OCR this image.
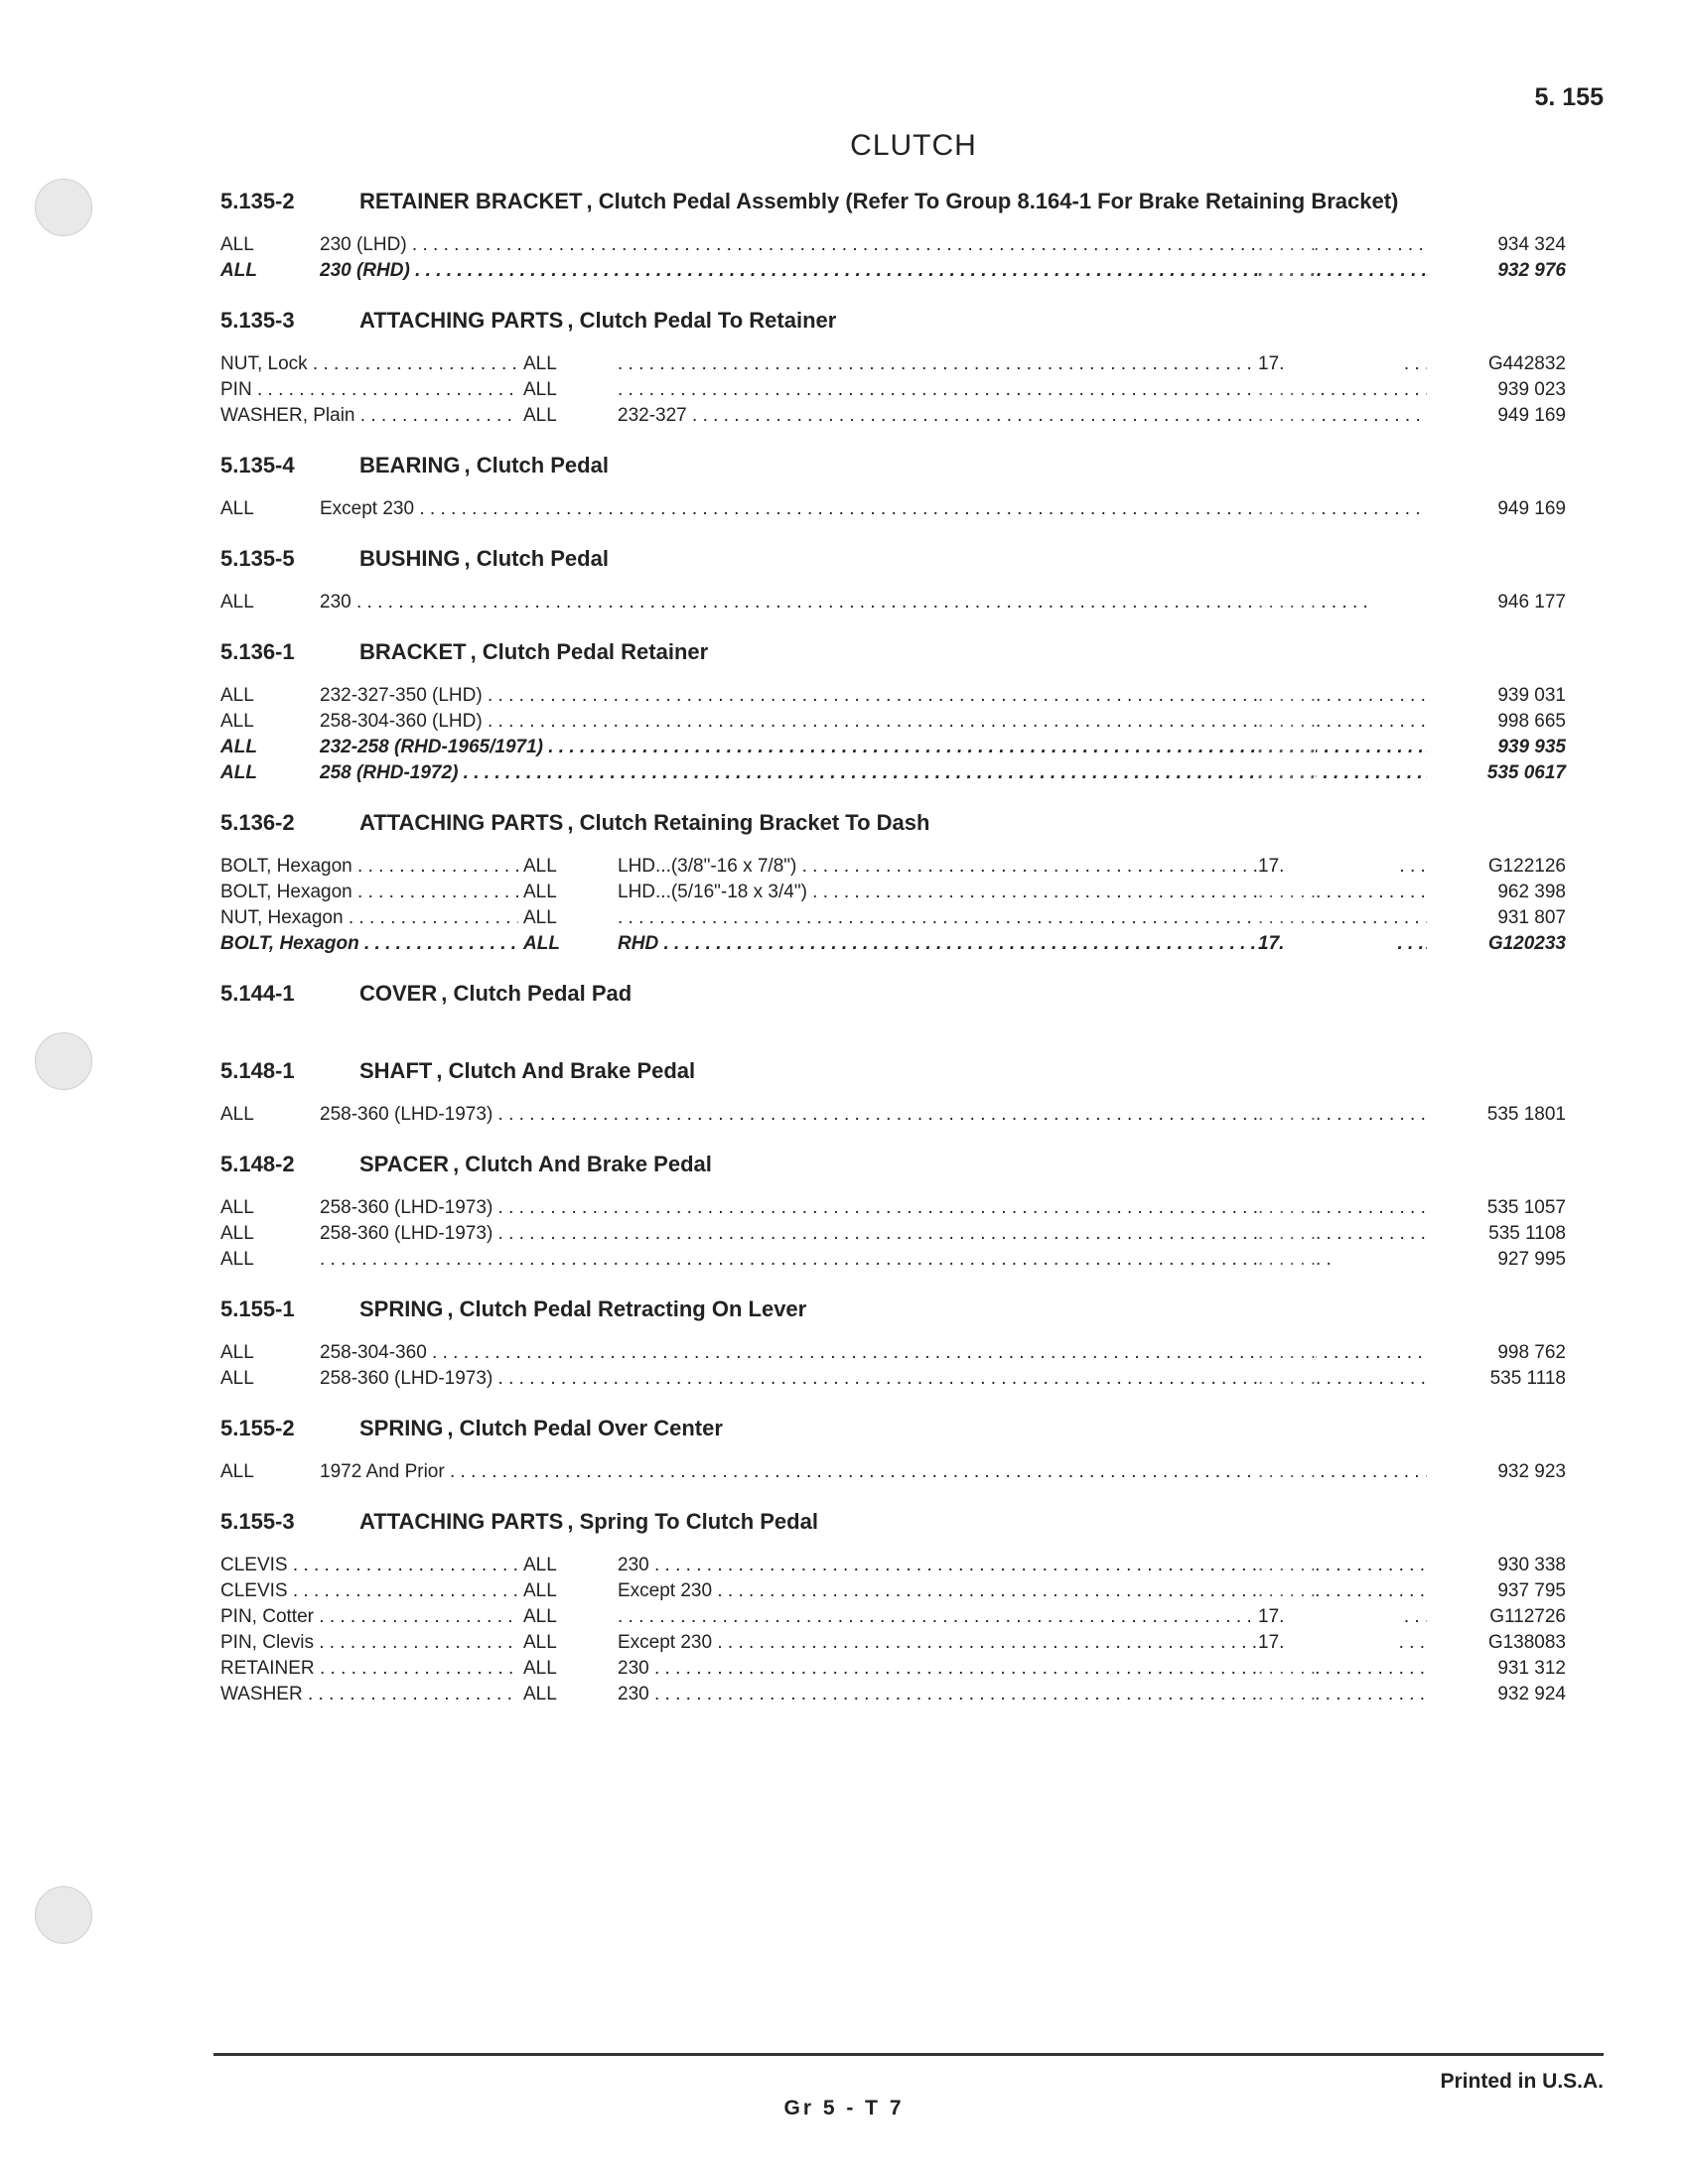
5. 155
CLUTCH
5.135-2	RETAINER BRACKET , Clutch Pedal Assembly (Refer To Group 8.164-1 For Brake Retaining Bracket)
ALL	230 (LHD) . . .	. . . . . .	934 324
ALL	230 (RHD) . . .	. . . . . .	932 976
5.135-3	ATTACHING PARTS , Clutch Pedal To Retainer
NUT, Lock . . .	ALL . . .	17.	G442832
PIN . . .	ALL . . .	. . . . . .	939 023
WASHER, Plain . . .	ALL	232-327 . . .	. . . . . .	949 169
5.135-4	BEARING , Clutch Pedal
ALL	Except 230 . . .	. . . . . .	949 169
5.135-5	BUSHING , Clutch Pedal
ALL	230 . . .	. . . . . .	946 177
5.136-1	BRACKET , Clutch Pedal Retainer
ALL	232-327-350 (LHD) . . .	. . . . . .	939 031
ALL	258-304-360 (LHD) . . .	. . . . . .	998 665
ALL	232-258 (RHD-1965/1971) . . .	. . . . . .	939 935
ALL	258 (RHD-1972) . . .	. . . . . .	535 0617
5.136-2	ATTACHING PARTS , Clutch Retaining Bracket To Dash
BOLT, Hexagon . . .	ALL	LHD...(3/8"-16 x 7/8") . . .	17.	G122126
BOLT, Hexagon . . .	ALL	LHD...(5/16"-18 x 3/4") . . .	. . . . . .	962 398
NUT, Hexagon . . .	ALL . . .	. . . . . .	931 807
BOLT, Hexagon . . .	ALL	RHD . . .	17.	G120233
5.144-1	COVER , Clutch Pedal Pad
5.148-1	SHAFT , Clutch And Brake Pedal
ALL	258-360 (LHD-1973) . . .	. . . . . .	535 1801
5.148-2	SPACER , Clutch And Brake Pedal
ALL	258-360 (LHD-1973) . . .	. . . . . .	535 1057
ALL	258-360 (LHD-1973) . . .	. . . . . .	535 1108
ALL . . .	. . . . . .	927 995
5.155-1	SPRING , Clutch Pedal Retracting On Lever
ALL	258-304-360 . . .	. . . . . .	998 762
ALL	258-360 (LHD-1973) . . .	. . . . . .	535 1118
5.155-2	SPRING , Clutch Pedal Over Center
ALL	1972 And Prior . . .	. . . . . .	932 923
5.155-3	ATTACHING PARTS , Spring To Clutch Pedal
CLEVIS . . .	ALL	230 . . .	. . . . . .	930 338
CLEVIS . . .	ALL	Except 230 . . .	. . . . . .	937 795
PIN, Cotter . . .	ALL . . .	17.	G112726
PIN, Clevis . . .	ALL	Except 230 . . .	17.	G138083
RETAINER . . .	ALL	230 . . .	. . . . . .	931 312
WASHER . . .	ALL	230 . . .	. . . . . .	932 924
Printed in U.S.A.
Gr 5 - T 7
